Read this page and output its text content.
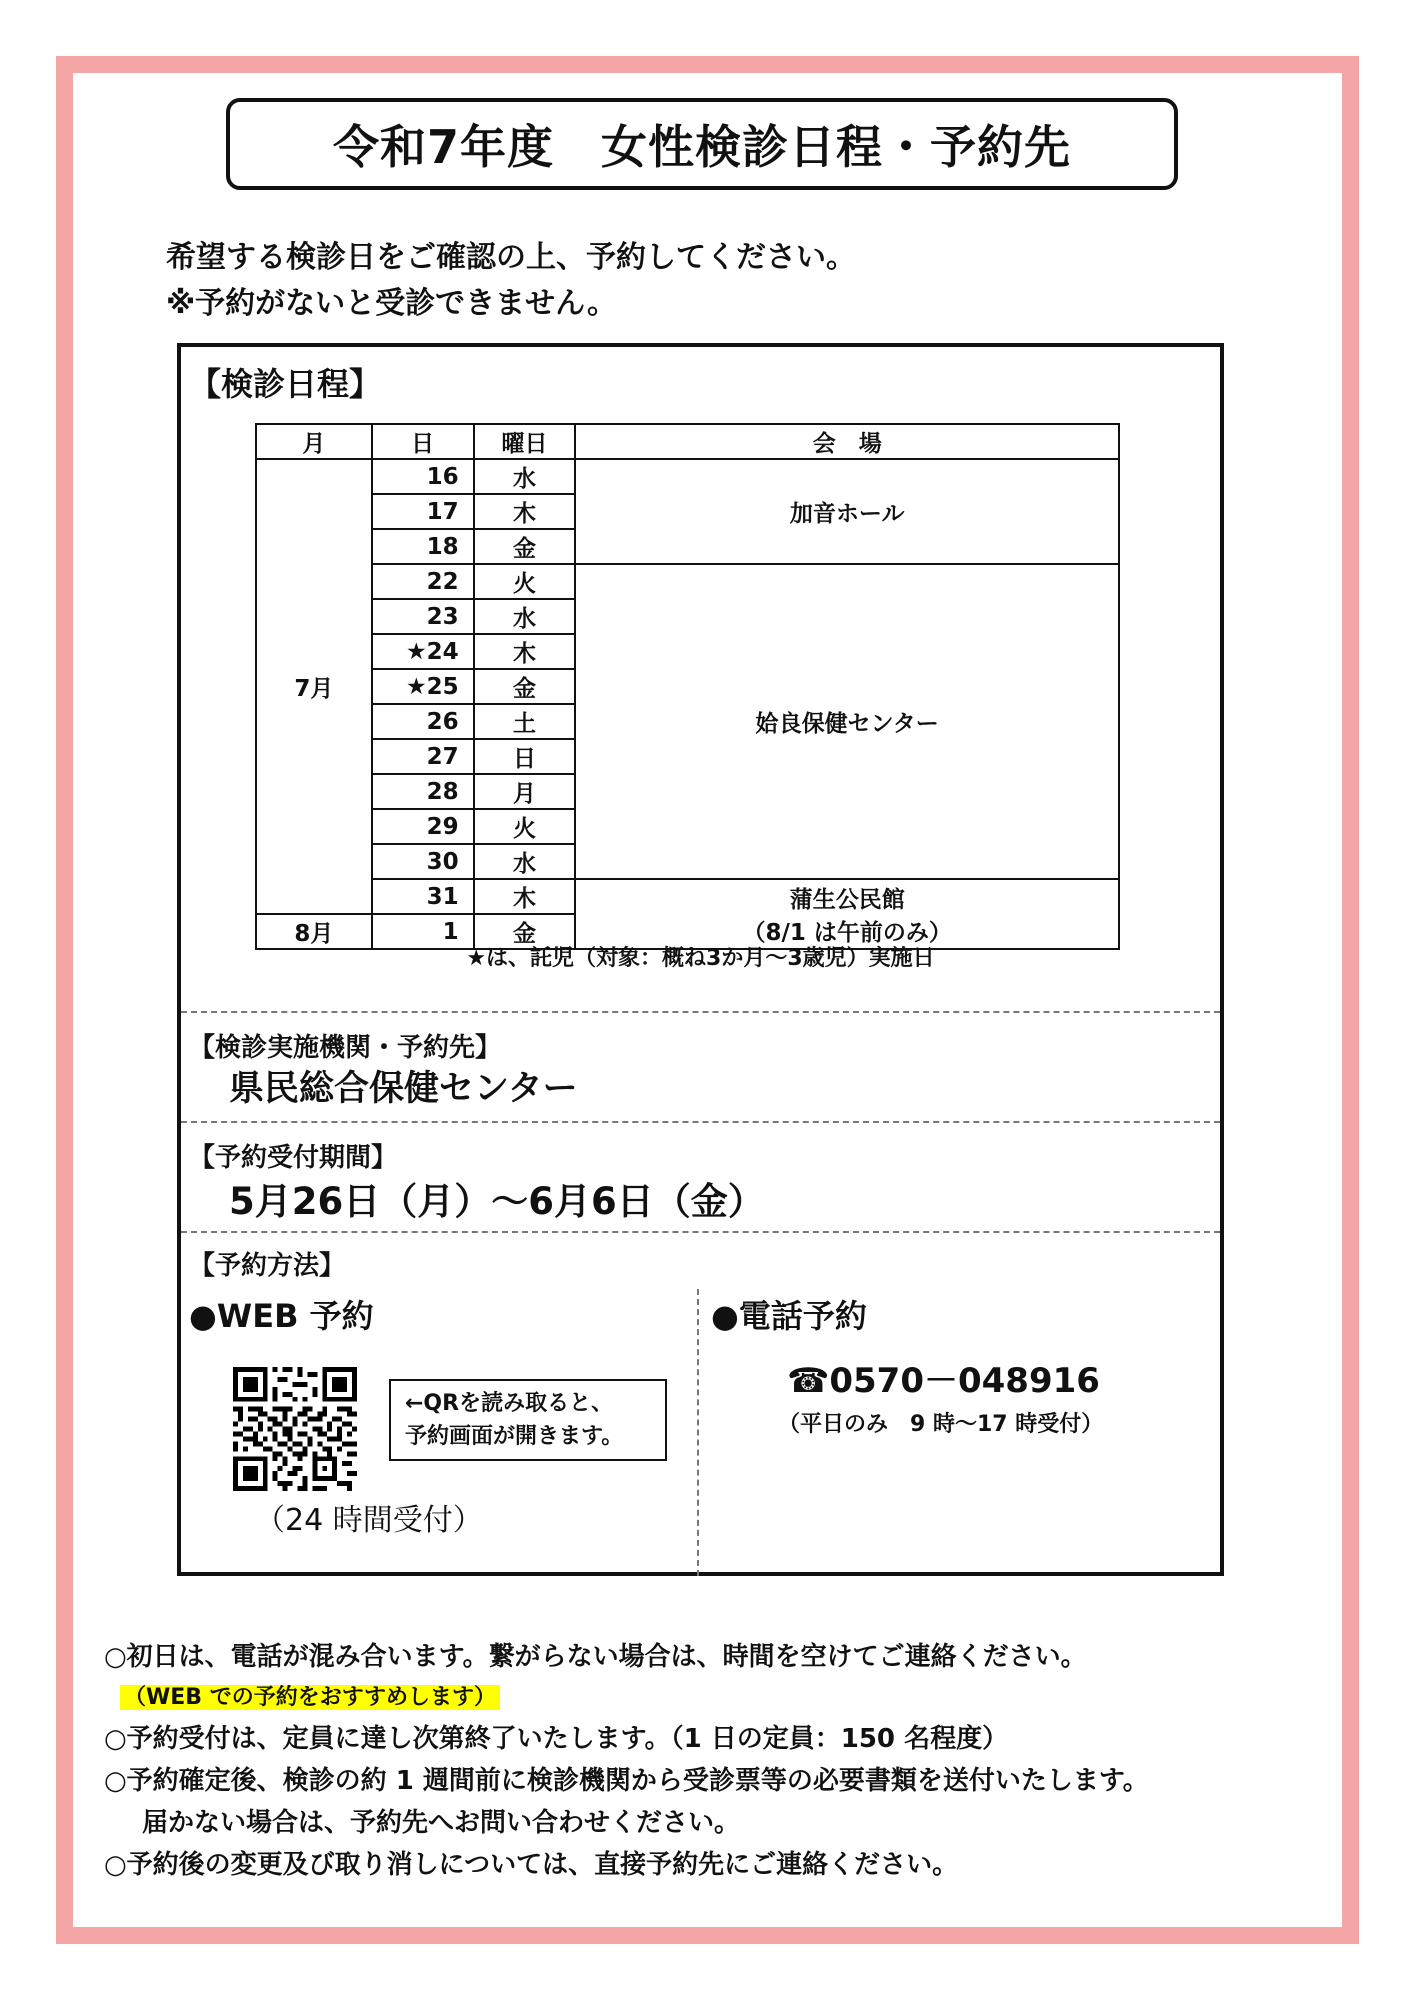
令和7年度　女性検診日程・予約先
希望する検診日をご確認の上、予約してください。
※予約がないと受診できません。
【検診日程】
月	日	曜日	会　場
7月	16	水	加音ホール
	17	木	
	18	金	
	22	火	姶良保健センター
	23	水	
	★24	木	
	★25	金	
	26	土	
	27	日	
	28	月	
	29	火	
	30	水	
	31	木	蒲生公民館
（8/1 は午前のみ）

8月	1	金	
★は、託児（対象：概ね3か月～3歳児）実施日
【検診実施機関・予約先】
県民総合保健センター
【予約受付期間】
5月26日（月）～6月6日（金）
【予約方法】
●WEB 予約	●電話予約
←QRを読み取ると、
予約画面が開きます。
（24 時間受付）
☎0570－048916
（平日のみ　9 時～17 時受付）
○初日は、電話が混み合います。繋がらない場合は、時間を空けてご連絡ください。
（WEB での予約をおすすめします）
○予約受付は、定員に達し次第終了いたします。（1 日の定員：150 名程度）
○予約確定後、検診の約 1 週間前に検診機関から受診票等の必要書類を送付いたします。
届かない場合は、予約先へお問い合わせください。
○予約後の変更及び取り消しについては、直接予約先にご連絡ください。
